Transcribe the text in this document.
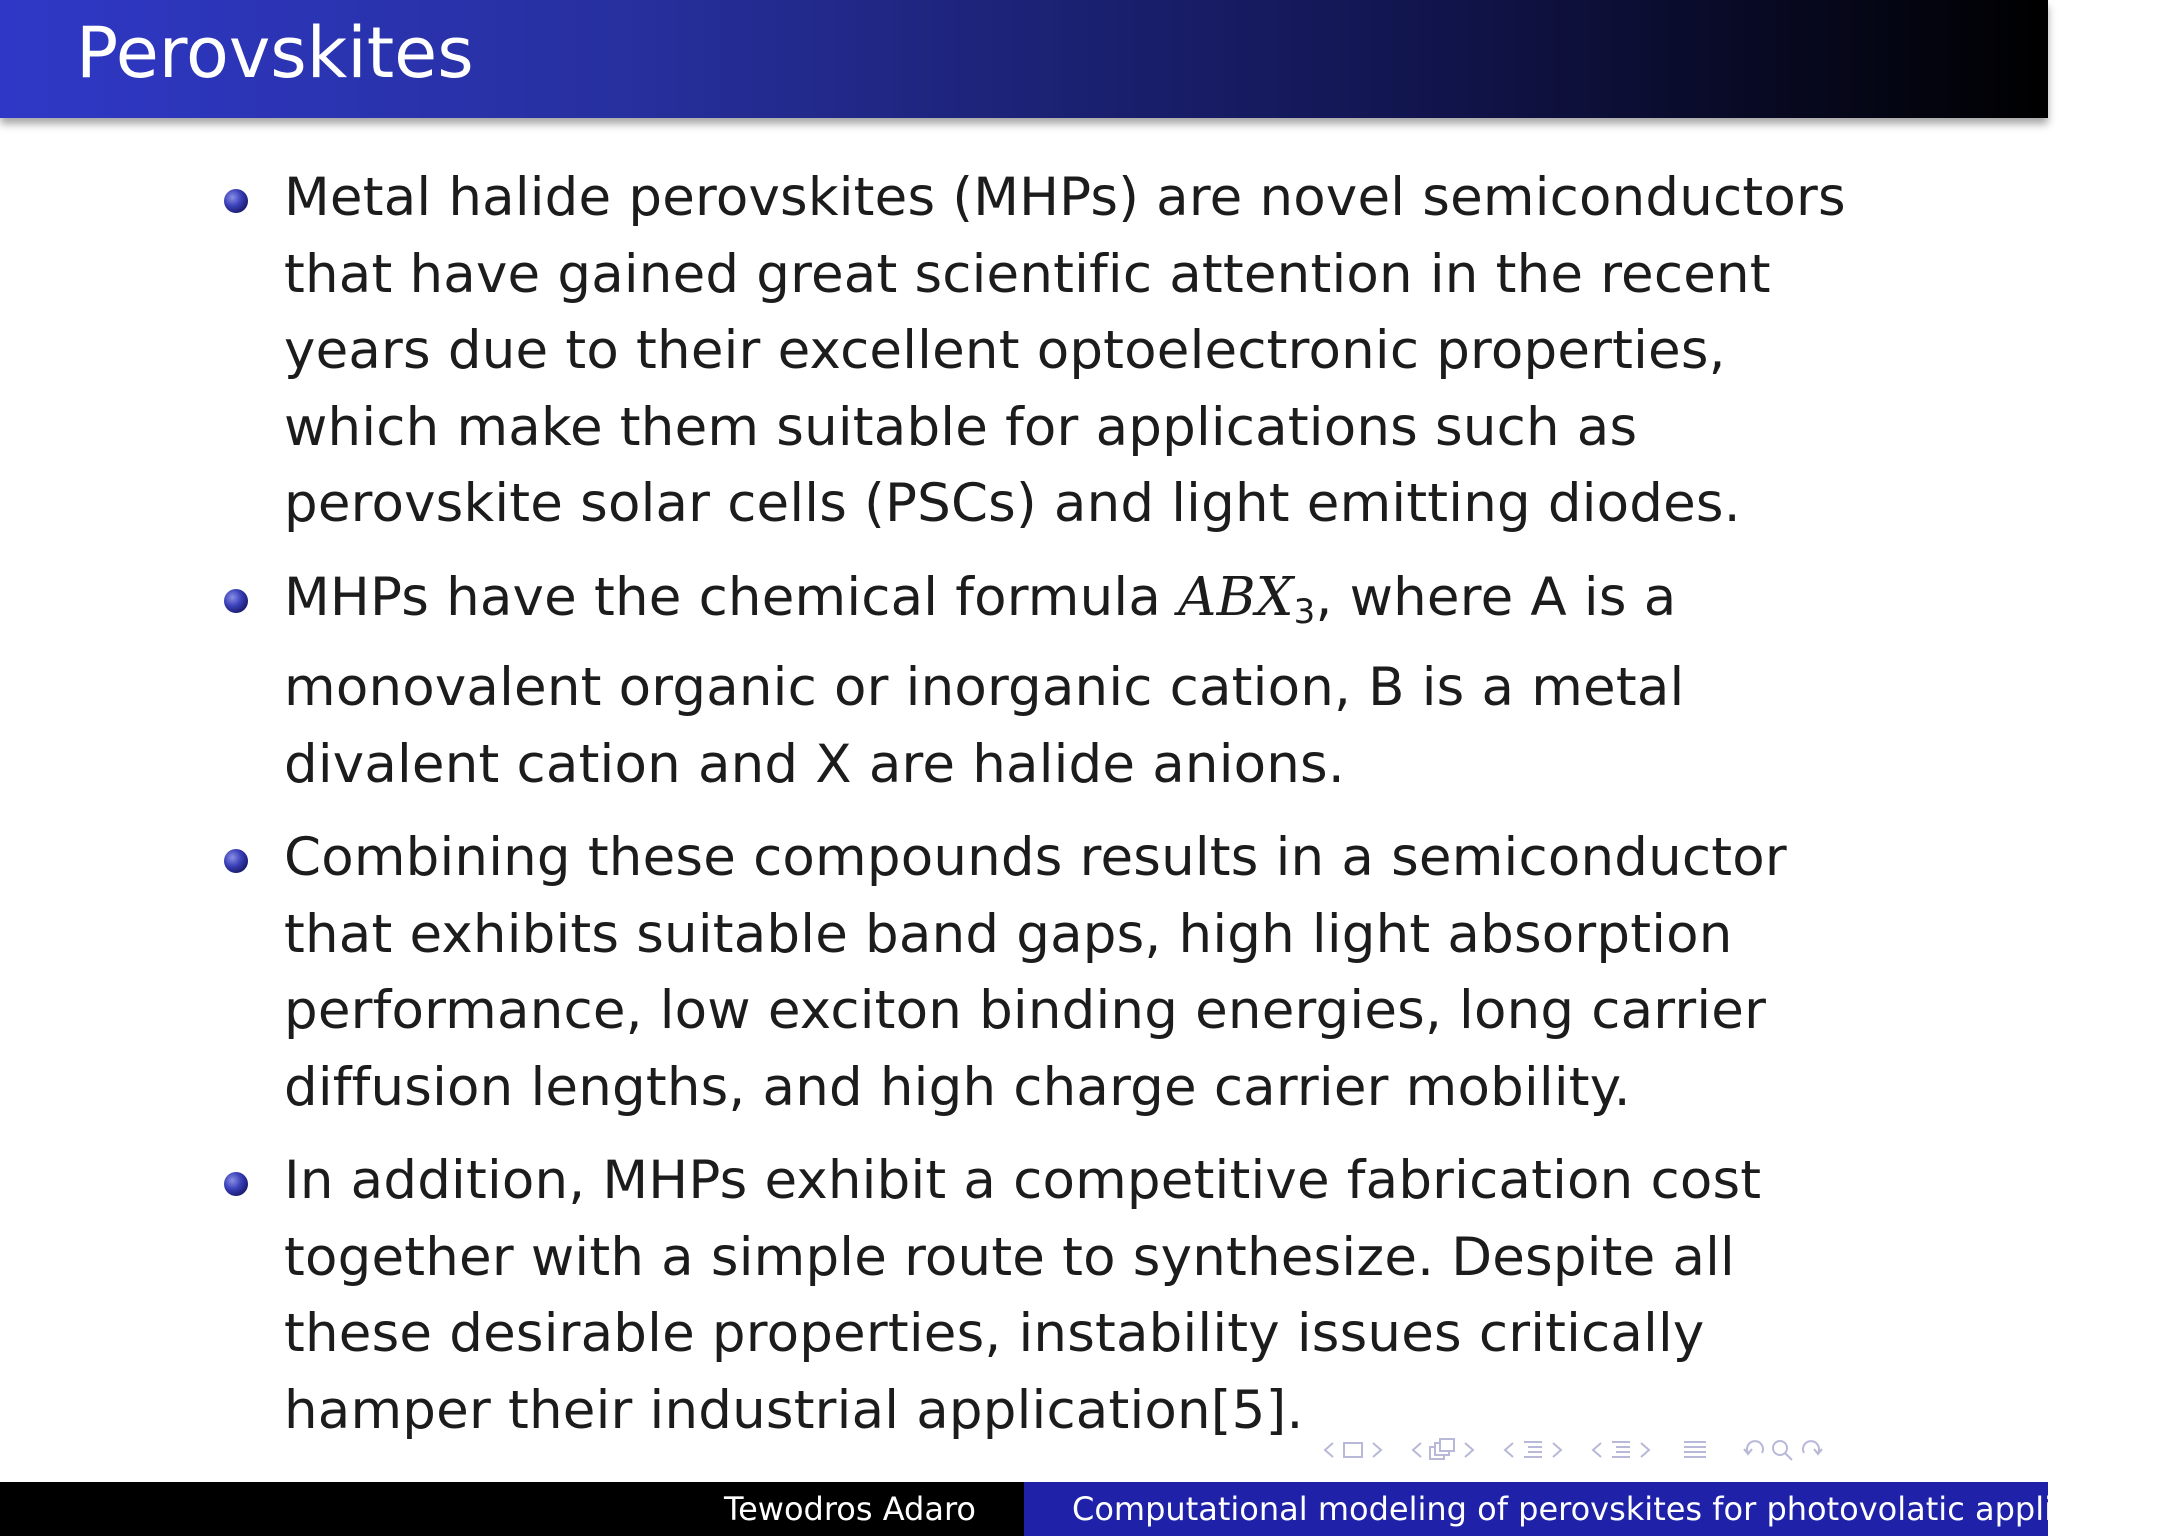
Perovskites
Metal halide perovskites (MHPs) are novel semiconductors that have gained great scientific attention in the recent years due to their excellent optoelectronic properties, which make them suitable for applications such as perovskite solar cells (PSCs) and light emitting diodes.
MHPs have the chemical formula $ABX_3$, where A is a monovalent organic or inorganic cation, B is a metal divalent cation and X are halide anions.
Combining these compounds results in a semiconductor that exhibits suitable band gaps, high light absorption performance, low exciton binding energies, long carrier diffusion lengths, and high charge carrier mobility.
In addition, MHPs exhibit a competitive fabrication cost together with a simple route to synthesize. Despite all these desirable properties, instability issues critically hamper their industrial application[5].
Tewodros Adaro	Computational modeling of perovskites for photovolatic applications
